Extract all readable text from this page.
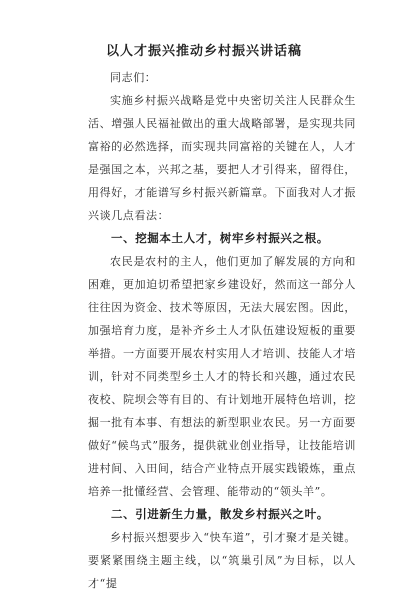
以人才振兴推动乡村振兴讲话稿

同志们：

实施乡村振兴战略是党中央密切关注人民群众生活、增强人民福祉做出的重大战略部署，是实现共同富裕的必然选择，而实现共同富裕的关键在人，人才是强国之本，兴邦之基，要把人才引得来，留得住，用得好，才能谱写乡村振兴新篇章。下面我对人才振兴谈几点看法：

一、挖掘本土人才，树牢乡村振兴之根。

农民是农村的主人，他们更加了解发展的方向和困难，更加迫切希望把家乡建设好，然而这一部分人往往因为资金、技术等原因，无法大展宏图。因此，加强培育力度，是补齐乡土人才队伍建设短板的重要举措。一方面要开展农村实用人才培训、技能人才培训，针对不同类型乡土人才的特长和兴趣，通过农民夜校、院坝会等有目的、有计划地开展特色培训，挖掘一批有本事、有想法的新型职业农民。另一方面要做好“候鸟式”服务，提供就业创业指导，让技能培训进村间、入田间，结合产业特点开展实践锻炼，重点培养一批懂经营、会管理、能带动的“领头羊”。

二、引进新生力量，散发乡村振兴之叶。

乡村振兴想要步入“快车道”，引才聚才是关键。要紧紧围绕主题主线，以“筑巢引凤”为目标，以人才“提
